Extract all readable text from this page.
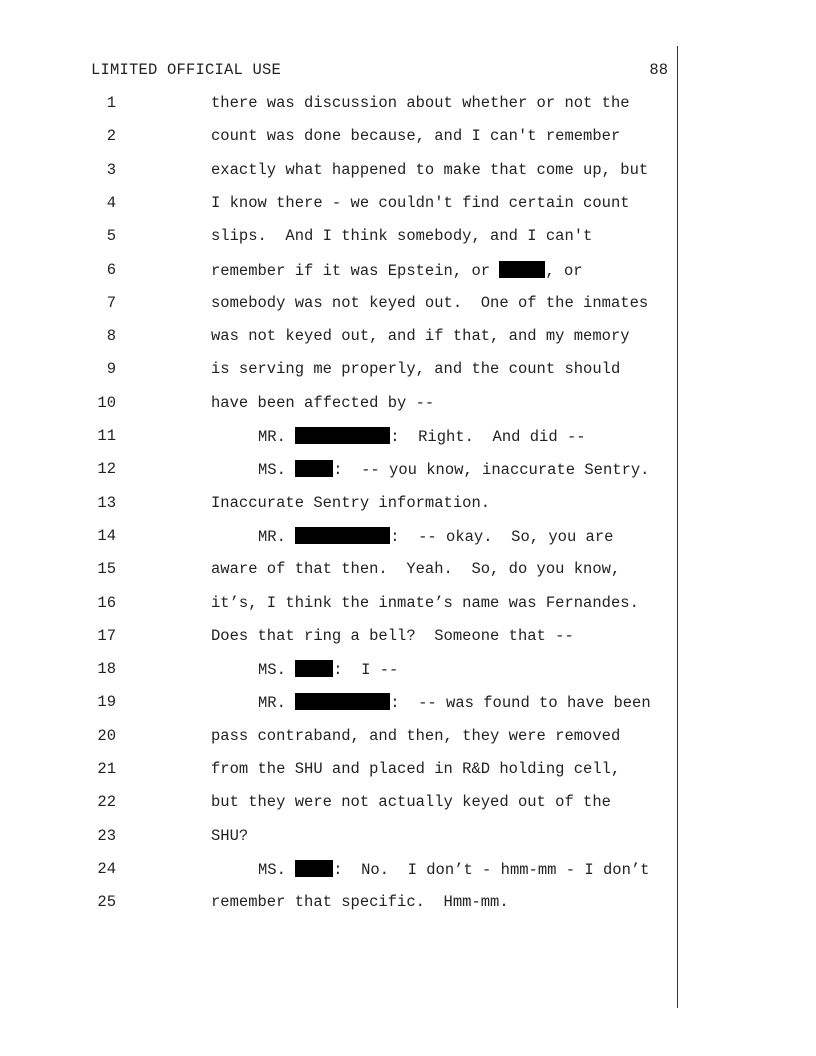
LIMITED OFFICIAL USE	88
1	there was discussion about whether or not the
2	count was done because, and I can't remember
3	exactly what happened to make that come up, but
4	I know there - we couldn't find certain count
5	slips.  And I think somebody, and I can't
6	remember if it was Epstein, or	, or
7	somebody was not keyed out.  One of the inmates
8	was not keyed out, and if that, and my memory
9	is serving me properly, and the count should
10	have been affected by --
11	MR.	:  Right.  And did --
12	MS. :  -- you know, inaccurate Sentry.
13	Inaccurate Sentry information.
14	MR.	:  -- okay.  So, you are
15	aware of that then.  Yeah.  So, do you know,
16	it’s, I think the inmate’s name was Fernandes.
17	Does that ring a bell?  Someone that --
18	MS. :  I --
19	MR.	:  -- was found to have been
20	pass contraband, and then, they were removed
21	from the SHU and placed in R&D holding cell,
22	but they were not actually keyed out of the
23	SHU?
24	MS. :  No.  I don’t - hmm-mm - I don’t
25	remember that specific.  Hmm-mm.
